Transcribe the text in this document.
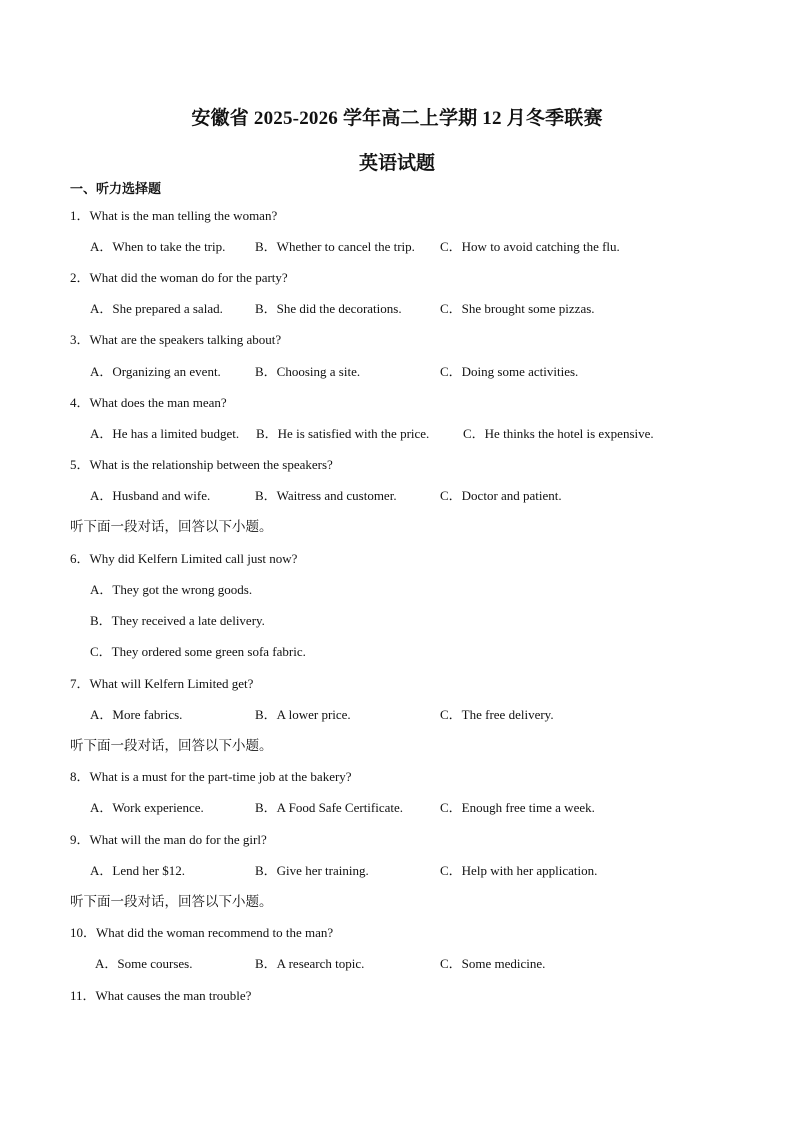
安徽省 2025-2026 学年高二上学期 12 月冬季联赛
英语试题
一、听力选择题
1．What is the man telling the woman?
A．When to take the trip. B．Whether to cancel the trip. C．How to avoid catching the flu.
2．What did the woman do for the party?
A．She prepared a salad. B．She did the decorations.	C．She brought some pizzas.
3．What are the speakers talking about?
A．Organizing an event.	B．Choosing a site.	C．Doing some activities.
4．What does the man mean?
A．He has a limited budget. B．He is satisfied with the price.	C．He thinks the hotel is expensive.
5．What is the relationship between the speakers?
A．Husband and wife.	B．Waitress and customer.	C．Doctor and patient.
听下面一段对话，回答以下小题。
6．Why did Kelfern Limited call just now?
A．They got the wrong goods.
B．They received a late delivery.
C．They ordered some green sofa fabric.
7．What will Kelfern Limited get?
A．More fabrics.	B．A lower price.	C．The free delivery.
听下面一段对话，回答以下小题。
8．What is a must for the part-time job at the bakery?
A．Work experience.	B．A Food Safe Certificate.	C．Enough free time a week.
9．What will the man do for the girl?
A．Lend her $12.	B．Give her training.	C．Help with her application.
听下面一段对话，回答以下小题。
10．What did the woman recommend to the man?
A．Some courses.	B．A research topic.	C．Some medicine.
11．What causes the man trouble?
